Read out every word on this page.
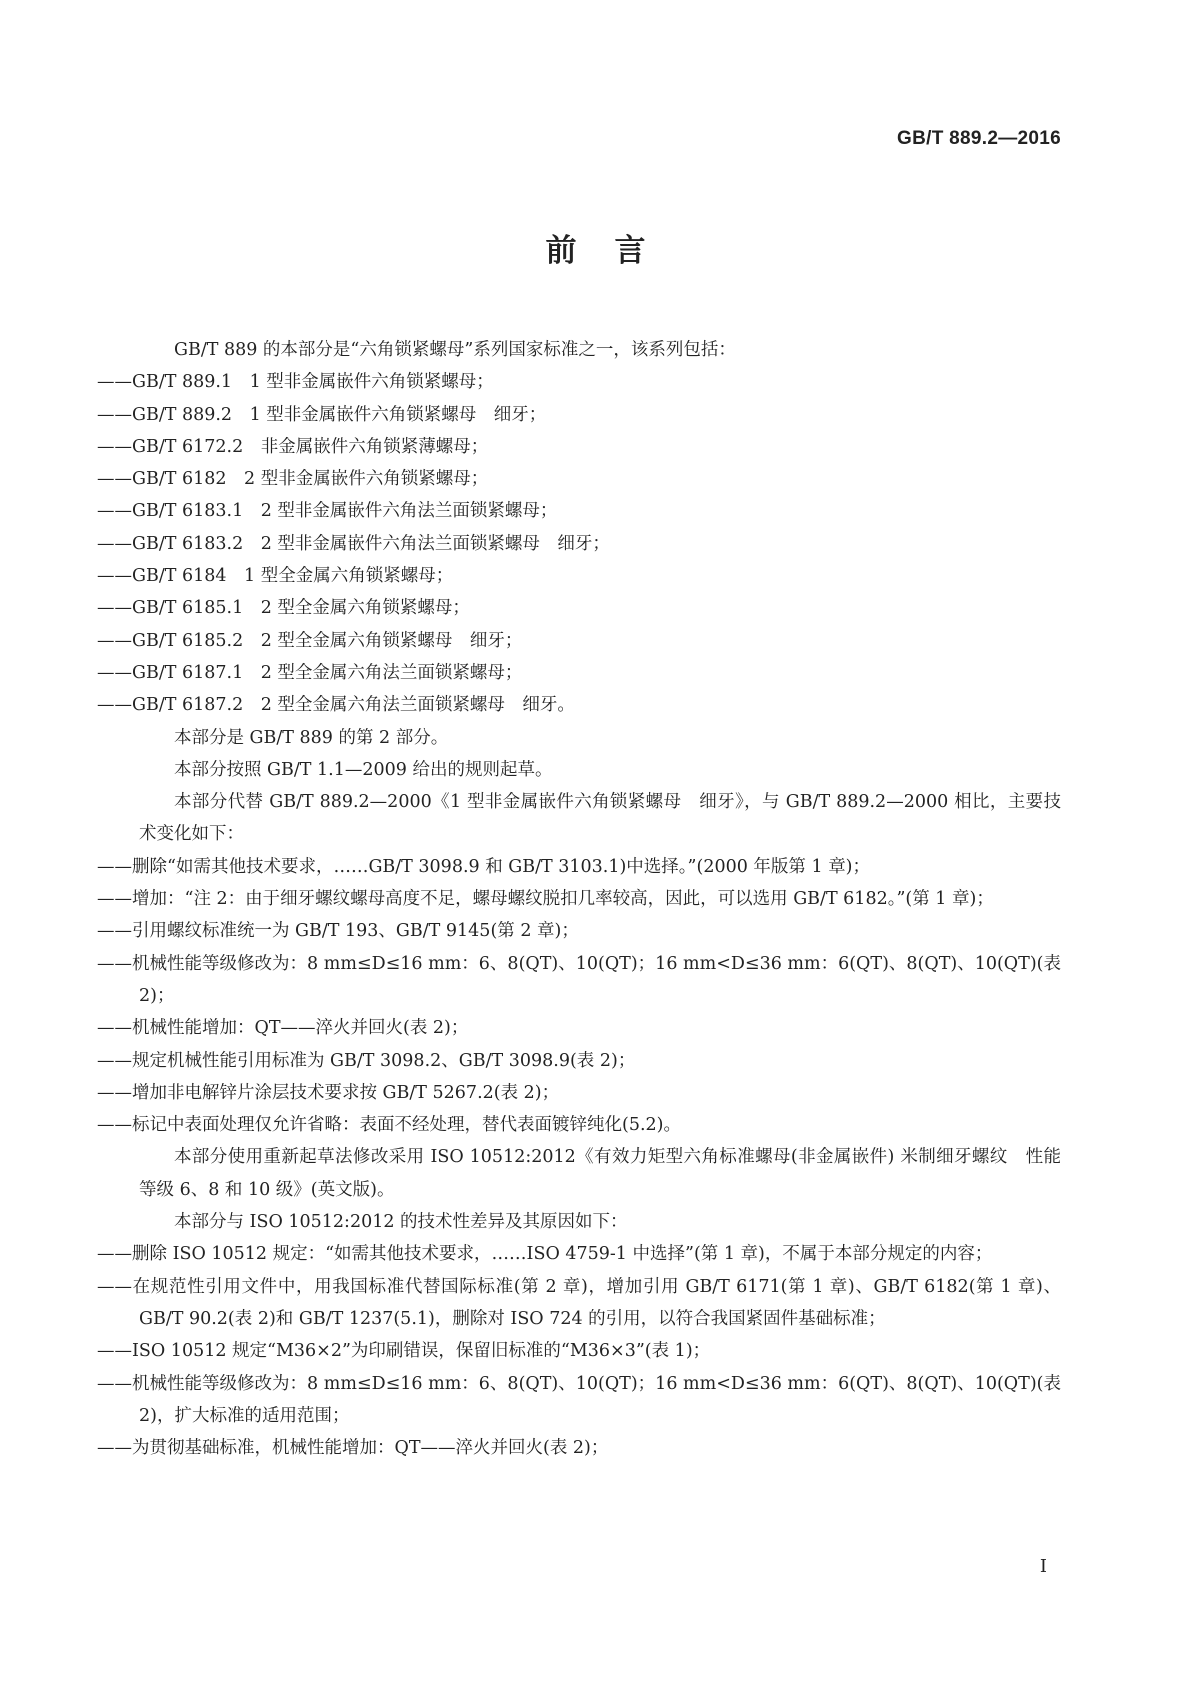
GB/T 889.2—2016
前言

GB/T 889 的本部分是“六角锁紧螺母”系列国家标准之一，该系列包括：

——GB/T 889.1　1 型非金属嵌件六角锁紧螺母；

——GB/T 889.2　1 型非金属嵌件六角锁紧螺母　细牙；

——GB/T 6172.2　非金属嵌件六角锁紧薄螺母；

——GB/T 6182　2 型非金属嵌件六角锁紧螺母；

——GB/T 6183.1　2 型非金属嵌件六角法兰面锁紧螺母；

——GB/T 6183.2　2 型非金属嵌件六角法兰面锁紧螺母　细牙；

——GB/T 6184　1 型全金属六角锁紧螺母；

——GB/T 6185.1　2 型全金属六角锁紧螺母；

——GB/T 6185.2　2 型全金属六角锁紧螺母　细牙；

——GB/T 6187.1　2 型全金属六角法兰面锁紧螺母；

——GB/T 6187.2　2 型全金属六角法兰面锁紧螺母　细牙。

本部分是 GB/T 889 的第 2 部分。

本部分按照 GB/T 1.1—2009 给出的规则起草。

本部分代替 GB/T 889.2—2000《1 型非金属嵌件六角锁紧螺母　细牙》，与 GB/T 889.2—2000 相比，主要技术变化如下：

——删除“如需其他技术要求，……GB/T 3098.9 和 GB/T 3103.1)中选择。”(2000 年版第 1 章)；

——增加：“注 2：由于细牙螺纹螺母高度不足，螺母螺纹脱扣几率较高，因此，可以选用 GB/T 6182。”(第 1 章)；

——引用螺纹标准统一为 GB/T 193、GB/T 9145(第 2 章)；

——机械性能等级修改为：8 mm≤D≤16 mm：6、8(QT)、10(QT)；16 mm<D≤36 mm：6(QT)、8(QT)、10(QT)(表 2)；

——机械性能增加：QT——淬火并回火(表 2)；

——规定机械性能引用标准为 GB/T 3098.2、GB/T 3098.9(表 2)；

——增加非电解锌片涂层技术要求按 GB/T 5267.2(表 2)；

——标记中表面处理仅允许省略：表面不经处理，替代表面镀锌纯化(5.2)。

本部分使用重新起草法修改采用 ISO 10512:2012《有效力矩型六角标准螺母(非金属嵌件) 米制细牙螺纹　性能等级 6、8 和 10 级》(英文版)。

本部分与 ISO 10512:2012 的技术性差异及其原因如下：

——删除 ISO 10512 规定：“如需其他技术要求，……ISO 4759-1 中选择”(第 1 章)，不属于本部分规定的内容；

——在规范性引用文件中，用我国标准代替国际标准(第 2 章)，增加引用 GB/T 6171(第 1 章)、GB/T 6182(第 1 章)、GB/T 90.2(表 2)和 GB/T 1237(5.1)，删除对 ISO 724 的引用，以符合我国紧固件基础标准；

——ISO 10512 规定“M36×2”为印刷错误，保留旧标准的“M36×3”(表 1)；

——机械性能等级修改为：8 mm≤D≤16 mm：6、8(QT)、10(QT)；16 mm<D≤36 mm：6(QT)、8(QT)、10(QT)(表 2)，扩大标准的适用范围；

——为贯彻基础标准，机械性能增加：QT——淬火并回火(表 2)；

I
